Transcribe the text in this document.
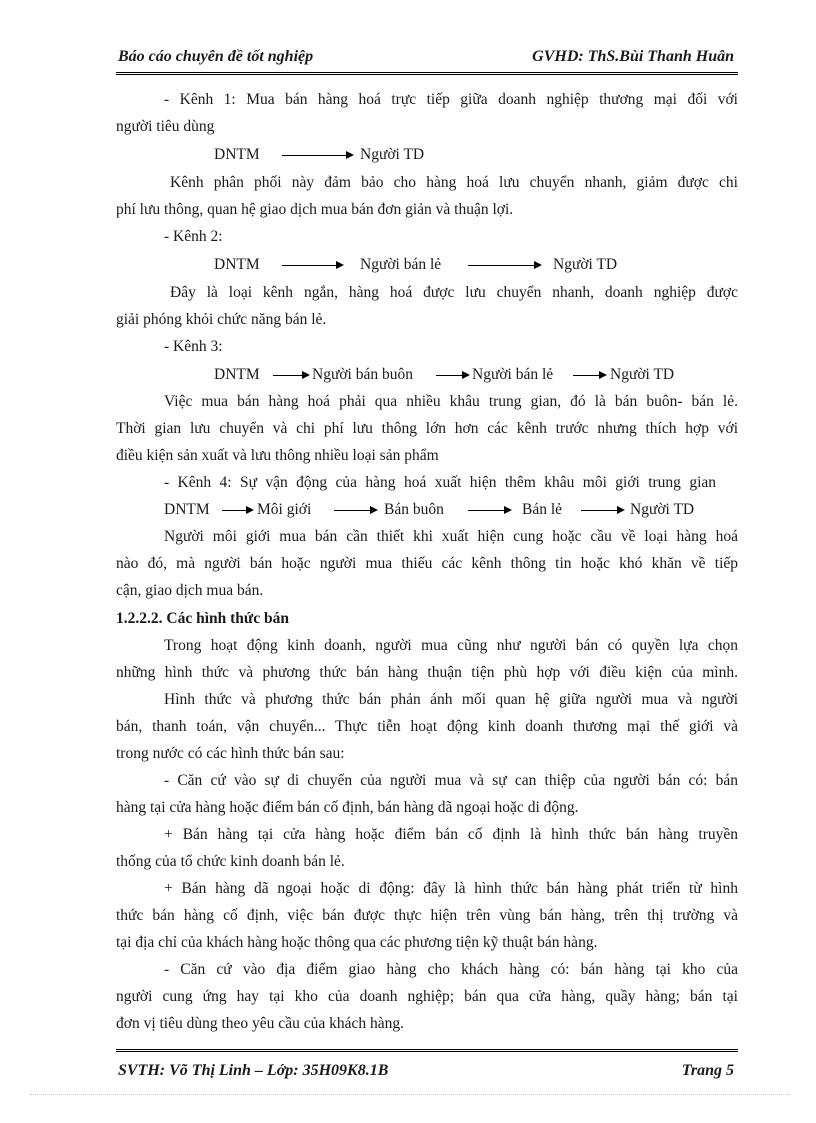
Báo cáo chuyên đề tốt nghiệp	GVHD: ThS.Bùi Thanh Huân
- Kênh 1: Mua bán hàng hoá trực tiếp giữa doanh nghiệp thương mại đối với
người tiêu dùng
DNTM	Người TD
Kênh phân phối này đảm bảo cho hàng hoá lưu chuyển nhanh, giảm được chi
phí lưu thông, quan hệ giao dịch mua bán đơn giản và thuận lợi.
- Kênh 2:
DNTM	Người bán lẻ	Người TD
Đây là loại kênh ngắn, hàng hoá được lưu chuyển nhanh, doanh nghiệp được
giải phóng khỏi chức năng bán lẻ.
- Kênh 3:
DNTM	Người bán buôn	Người bán lẻ	Người TD
Việc mua bán hàng hoá phải qua nhiều khâu trung gian, đó là bán buôn- bán lẻ.
Thời gian lưu chuyển và chi phí lưu thông lớn hơn các kênh trước nhưng thích hợp với
điều kiện sản xuất và lưu thông nhiều loại sản phẩm
- Kênh 4: Sự vận động của hàng hoá xuất hiện thêm khâu môi giới trung gian
DNTM	Môi giới	Bán buôn	Bán lẻ	Người TD
Người môi giới mua bán cần thiết khi xuất hiện cung hoặc cầu về loại hàng hoá
nào đó, mà người bán hoặc người mua thiếu các kênh thông tin hoặc khó khăn về tiếp
cận, giao dịch mua bán.
1.2.2.2. Các hình thức bán
Trong hoạt động kinh doanh, người mua cũng như người bán có quyền lựa chọn
những hình thức và phương thức bán hàng thuận tiện phù hợp với điều kiện của mình.
Hình thức và phương thức bán phản ánh mối quan hệ giữa người mua và người
bán, thanh toán, vận chuyển... Thực tiễn hoạt động kinh doanh thương mại thế giới và
trong nước có các hình thức bán sau:
- Căn cứ vào sự di chuyển của người mua và sự can thiệp của người bán có: bán
hàng tại cửa hàng hoặc điểm bán cố định, bán hàng dã ngoại hoặc di động.
+ Bán hàng tại cửa hàng hoặc điểm bán cố định là hình thức bán hàng truyền
thống của tổ chức kinh doanh bán lẻ.
+ Bán hàng dã ngoại hoặc di động: đây là hình thức bán hàng phát triển từ hình
thức bán hàng cố định, việc bán được thực hiện trên vùng bán hàng, trên thị trường và
tại địa chỉ của khách hàng hoặc thông qua các phương tiện kỹ thuật bán hàng.
- Căn cứ vào địa điểm giao hàng cho khách hàng có: bán hàng tại kho của
người cung ứng hay tại kho của doanh nghiệp; bán qua cửa hàng, quầy hàng; bán tại
đơn vị tiêu dùng theo yêu cầu của khách hàng.
SVTH: Võ Thị Linh – Lớp: 35H09K8.1B	Trang 5
